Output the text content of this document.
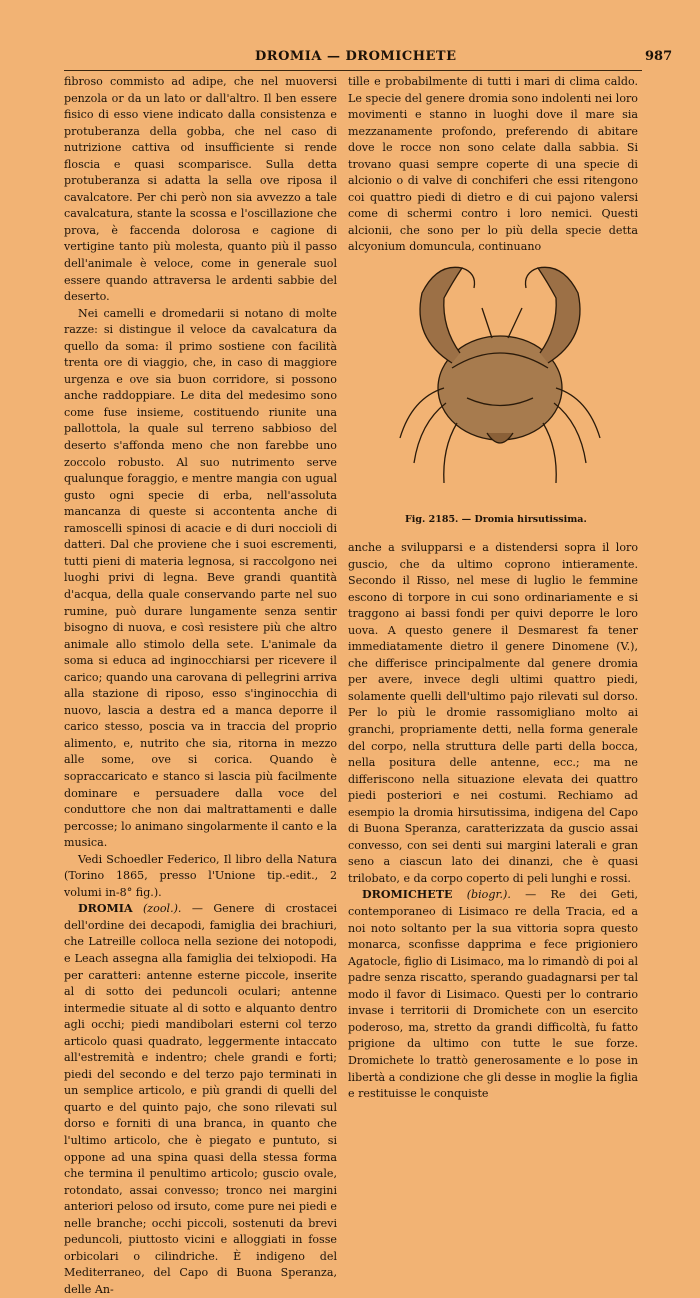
DROMIA — DROMICHETE	987

fibroso commisto ad adipe, che nel muoversi penzola or da un lato or dall'altro. Il ben essere fisico di esso viene indicato dalla consistenza e protuberanza della gobba, che nel caso di nutrizione cattiva od insufficiente si rende floscia e quasi scomparisce. Sulla detta protuberanza si adatta la sella ove riposa il cavalcatore. Per chi però non sia avvezzo a tale cavalcatura, stante la scossa e l'oscillazione che prova, è faccenda dolorosa e cagione di vertigine tanto più molesta, quanto più il passo dell'animale è veloce, come in generale suol essere quando attraversa le ardenti sabbie del deserto.

Nei camelli e dromedarii si notano di molte razze: si distingue il veloce da cavalcatura da quello da soma: il primo sostiene con facilità trenta ore di viaggio, che, in caso di maggiore urgenza e ove sia buon corridore, si possono anche raddoppiare. Le dita del medesimo sono come fuse insieme, costituendo riunite una pallottola, la quale sul terreno sabbioso del deserto s'affonda meno che non farebbe uno zoccolo robusto. Al suo nutrimento serve qualunque foraggio, e mentre mangia con ugual gusto ogni specie di erba, nell'assoluta mancanza di queste si accontenta anche di ramoscelli spinosi di acacie e di duri noccioli di datteri. Dal che proviene che i suoi escrementi, tutti pieni di materia legnosa, si raccolgono nei luoghi privi di legna. Beve grandi quantità d'acqua, della quale conservando parte nel suo rumine, può durare lungamente senza sentir bisogno di nuova, e così resistere più che altro animale allo stimolo della sete. L'animale da soma si educa ad inginocchiarsi per ricevere il carico; quando una carovana di pellegrini arriva alla stazione di riposo, esso s'inginocchia di nuovo, lascia a destra ed a manca deporre il carico stesso, poscia va in traccia del proprio alimento, e, nutrito che sia, ritorna in mezzo alle some, ove si corica. Quando è sopraccaricato e stanco si lascia più facilmente dominare e persuadere dalla voce del conduttore che non dai maltrattamenti e dalle percosse; lo animano singolarmente il canto e la musica.

Vedi Schoedler Federico, Il libro della Natura (Torino 1865, presso l'Unione tip.-edit., 2 volumi in-8° fig.).

DROMIA (zool.). — Genere di crostacei dell'ordine dei decapodi, famiglia dei brachiuri, che Latreille colloca nella sezione dei notopodi, e Leach assegna alla famiglia dei telxiopodi. Ha per caratteri: antenne esterne piccole, inserite al di sotto dei peduncoli oculari; antenne intermedie situate al di sotto e alquanto dentro agli occhi; piedi mandibolari esterni col terzo articolo quasi quadrato, leggermente intaccato all'estremità e indentro; chele grandi e forti; piedi del secondo e del terzo pajo terminati in un semplice articolo, e più grandi di quelli del quarto e del quinto pajo, che sono rilevati sul dorso e forniti di una branca, in quanto che l'ultimo articolo, che è piegato e puntuto, si oppone ad una spina quasi della stessa forma che termina il penultimo articolo; guscio ovale, rotondato, assai convesso; tronco nei margini anteriori peloso od irsuto, come pure nei piedi e nelle branche; occhi piccoli, sostenuti da brevi peduncoli, piuttosto vicini e alloggiati in fosse orbicolari o cilindriche. È indigeno del Mediterraneo, del Capo di Buona Speranza, delle An-

tille e probabilmente di tutti i mari di clima caldo. Le specie del genere dromia sono indolenti nei loro movimenti e stanno in luoghi dove il mare sia mezzanamente profondo, preferendo di abitare dove le rocce non sono celate dalla sabbia. Si trovano quasi sempre coperte di una specie di alcionio o di valve di conchiferi che essi ritengono coi quattro piedi di dietro e di cui pajono valersi come di schermi contro i loro nemici. Questi alcionii, che sono per lo più della specie detta alcyonium domuncula, continuano

Fig. 2185. — Dromia hirsutissima.

anche a svilupparsi e a distendersi sopra il loro guscio, che da ultimo coprono intieramente. Secondo il Risso, nel mese di luglio le femmine escono di torpore in cui sono ordinariamente e si traggono ai bassi fondi per quivi deporre le loro uova. A questo genere il Desmarest fa tener immediatamente dietro il genere Dinomene (V.), che differisce principalmente dal genere dromia per avere, invece degli ultimi quattro piedi, solamente quelli dell'ultimo pajo rilevati sul dorso. Per lo più le dromie rassomigliano molto ai granchi, propriamente detti, nella forma generale del corpo, nella struttura delle parti della bocca, nella positura delle antenne, ecc.; ma ne differiscono nella situazione elevata dei quattro piedi posteriori e nei costumi. Rechiamo ad esempio la dromia hirsutissima, indigena del Capo di Buona Speranza, caratterizzata da guscio assai convesso, con sei denti sui margini laterali e gran seno a ciascun lato dei dinanzi, che è quasi trilobato, e da corpo coperto di peli lunghi e rossi.

DROMICHETE (biogr.). — Re dei Geti, contemporaneo di Lisimaco re della Tracia, ed a noi noto soltanto per la sua vittoria sopra questo monarca, sconfisse dapprima e fece prigioniero Agatocle, figlio di Lisimaco, ma lo rimandò di poi al padre senza riscatto, sperando guadagnarsi per tal modo il favor di Lisimaco. Questi per lo contrario invase i territorii di Dromichete con un esercito poderoso, ma, stretto da grandi difficoltà, fu fatto prigione da ultimo con tutte le sue forze. Dromichete lo trattò generosamente e lo pose in libertà a condizione che gli desse in moglie la figlia e restituisse le conquiste
